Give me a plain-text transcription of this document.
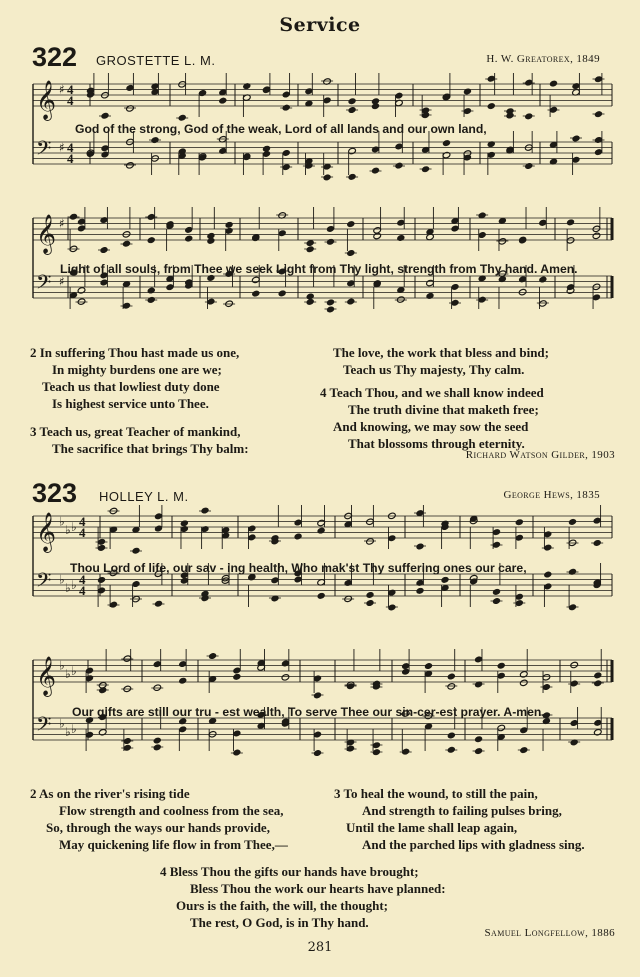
Service
322 GROSTETTE L. M.	H. W. Greatorex, 1849
𝄞 ♯ 4
4
𝄢 ♯ 4
4
God of the strong, God of the weak, Lord of all lands and our own land,
𝄞 ♯
𝄢 ♯
Light of all souls, from Thee we seek Light from Thy light, strength from Thy hand. Amen.
2 In suffering Thou hast made us one,
In mighty burdens one are we;
Teach us that lowliest duty done
Is highest service unto Thee.
3 Teach us, great Teacher of mankind,
The sacrifice that brings Thy balm:
The love, the work that bless and bind;
Teach us Thy majesty, Thy calm.
4 Teach Thou, and we shall know indeed
The truth divine that maketh free;
And knowing, we may sow the seed
That blossoms through eternity.
Richard Watson Gilder, 1903
323 HOLLEY L. M.	George Hews, 1835
𝄞 ♭
♭ ♭ 4
4
𝄢 ♭
♭ ♭ 4
4
Thou Lord of life, our sav - ing health, Who mak'st Thy suffering ones our care,
𝄞 ♭
♭ ♭
𝄢 ♭
♭ ♭
Our gifts are still our tru - est wealth, To serve Thee our sin-cer-est prayer. A-men.
2 As on the river's rising tide
Flow strength and coolness from the sea,
So, through the ways our hands provide,
May quickening life flow in from Thee,—
3 To heal the wound, to still the pain,
And strength to failing pulses bring,
Until the lame shall leap again,
And the parched lips with gladness sing.
4 Bless Thou the gifts our hands have brought;
Bless Thou the work our hearts have planned:
Ours is the faith, the will, the thought;
The rest, O God, is in Thy hand.
Samuel Longfellow, 1886
281
